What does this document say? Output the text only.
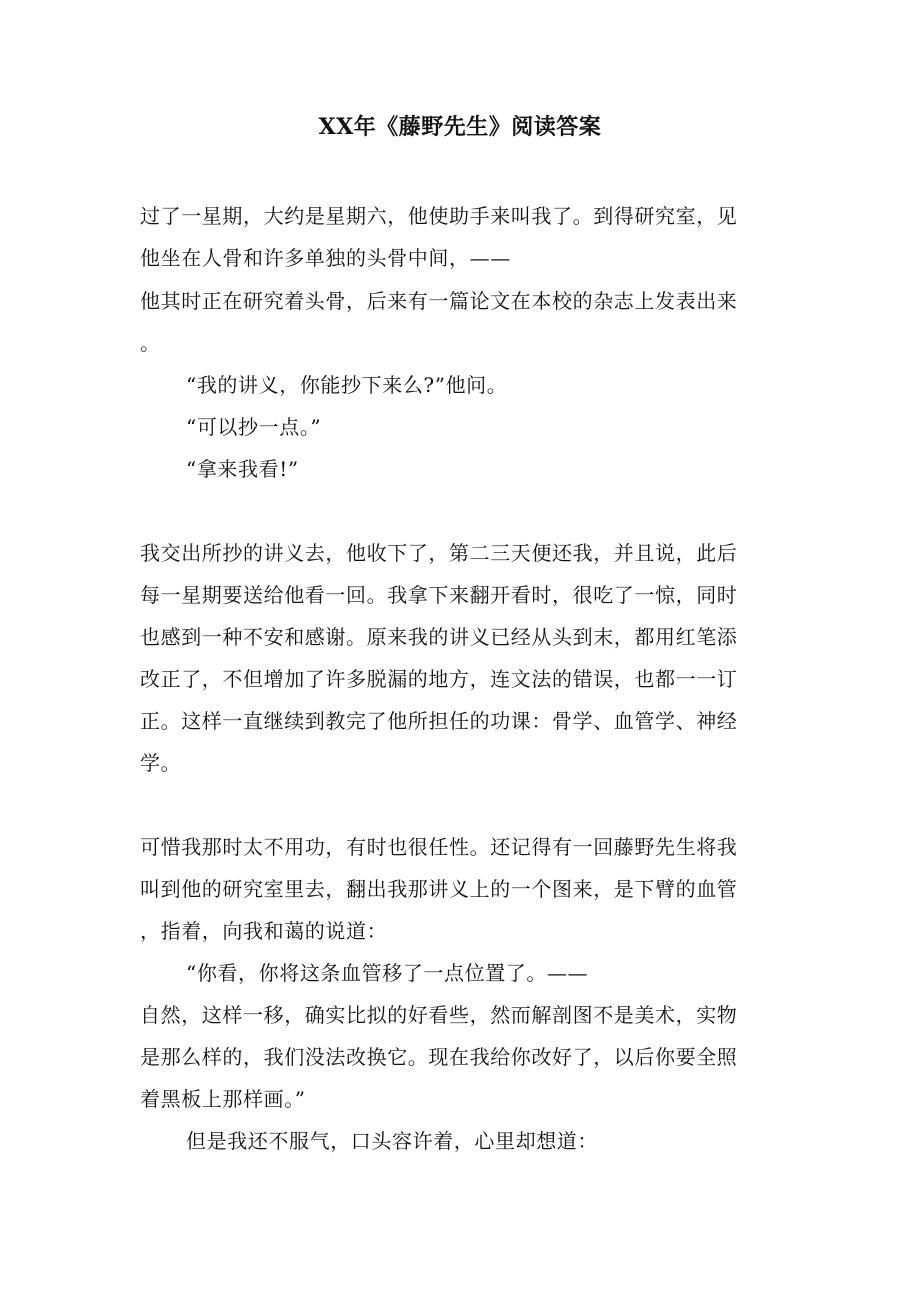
XX年《藤野先生》阅读答案
过了一星期，大约是星期六，他使助手来叫我了。到得研究室，见
他坐在人骨和许多单独的头骨中间，——
他其时正在研究着头骨，后来有一篇论文在本校的杂志上发表出来
。
“我的讲义，你能抄下来么?”他问。
“可以抄一点。”
“拿来我看!”
我交出所抄的讲义去，他收下了，第二三天便还我，并且说，此后
每一星期要送给他看一回。我拿下来翻开看时，很吃了一惊，同时
也感到一种不安和感谢。原来我的讲义已经从头到末，都用红笔添
改正了，不但增加了许多脱漏的地方，连文法的错误，也都一一订
正。这样一直继续到教完了他所担任的功课：骨学、血管学、神经
学。
可惜我那时太不用功，有时也很任性。还记得有一回藤野先生将我
叫到他的研究室里去，翻出我那讲义上的一个图来，是下臂的血管
，指着，向我和蔼的说道：
“你看，你将这条血管移了一点位置了。——
自然，这样一移，确实比拟的好看些，然而解剖图不是美术，实物
是那么样的，我们没法改换它。现在我给你改好了，以后你要全照
着黑板上那样画。”
但是我还不服气，口头容许着，心里却想道：
